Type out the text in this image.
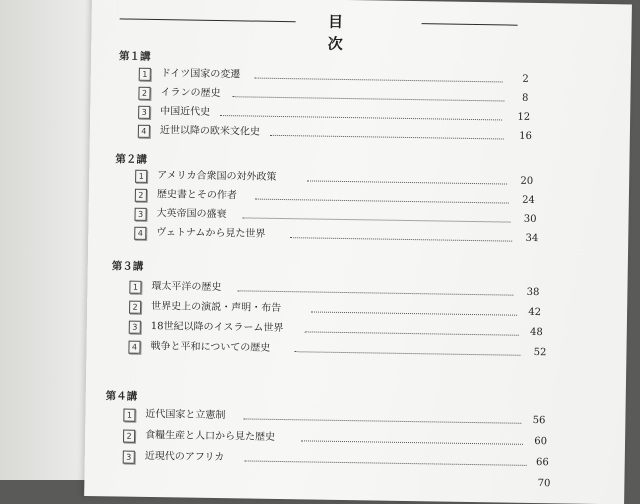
目　次
第１講
1	ドイツ国家の変遷	2
2	イランの歴史	8
3	中国近代史	12
4	近世以降の欧米文化史	16
第２講
1	アメリカ合衆国の対外政策	20
2	歴史書とその作者	24
3	大英帝国の盛衰	30
4	ヴェトナムから見た世界	34
第３講
1	環太平洋の歴史	38
2	世界史上の演説・声明・布告	42
3	18世紀以降のイスラーム世界	48
4	戦争と平和についての歴史	52
第４講
1	近代国家と立憲制	56
2	食糧生産と人口から見た歴史	60
3	近現代のアフリカ	66
70
